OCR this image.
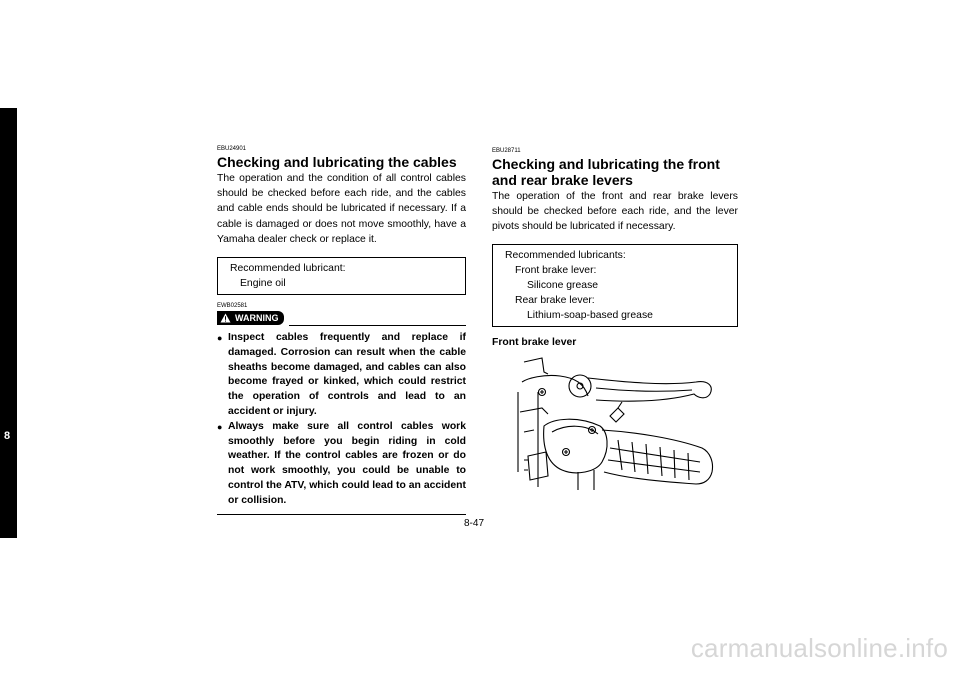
8
EBU24901
Checking and lubricating the cables

The operation and the condition of all control cables should be checked before each ride, and the cables and cable ends should be lubricated if necessary. If a cable is damaged or does not move smoothly, have a Yamaha dealer check or replace it.

Recommended lubricant:
Engine oil
EWB02581
WARNING
● Inspect cables frequently and replace if damaged. Corrosion can result when the cable sheaths become damaged, and cables can also become frayed or kinked, which could restrict the operation of controls and lead to an accident or injury.
● Always make sure all control cables work smoothly before you begin riding in cold weather. If the control cables are frozen or do not work smoothly, you could be unable to control the ATV, which could lead to an accident or collision.
EBU28711
Checking and lubricating the front and rear brake levers

The operation of the front and rear brake levers should be checked before each ride, and the lever pivots should be lubricated if necessary.

Recommended lubricants:
Front brake lever:
Silicone grease
Rear brake lever:
Lithium-soap-based grease
Front brake lever
8-47
carmanualsonline.info
